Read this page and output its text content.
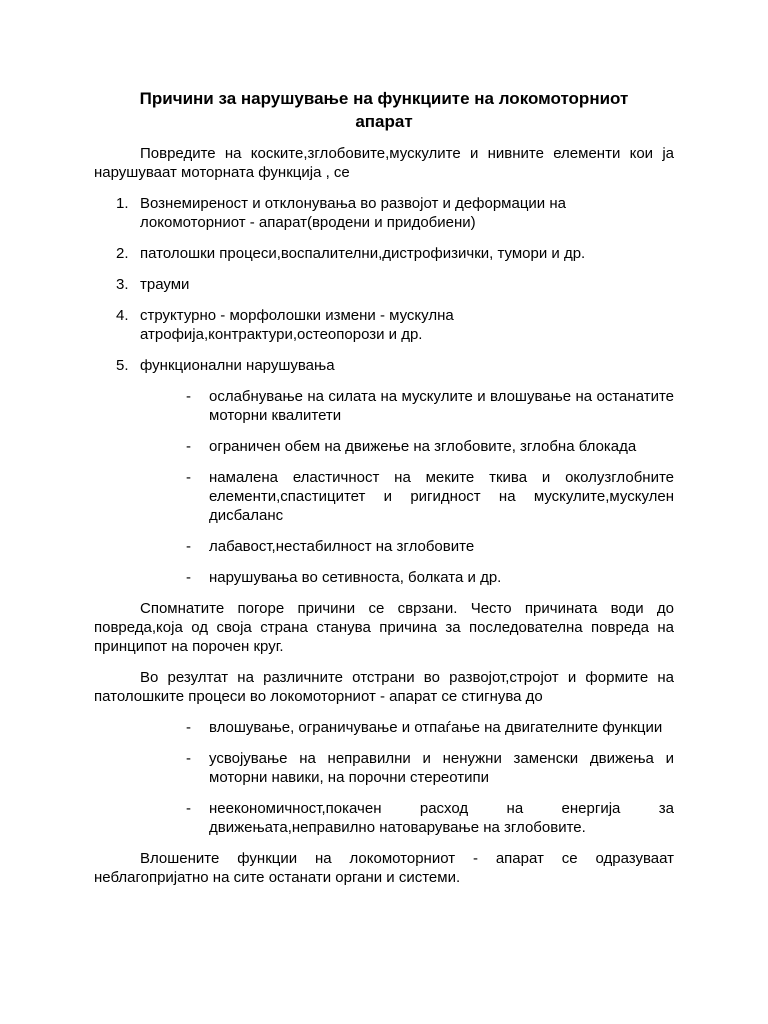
Причини за нарушување на функциите на локомоторниот апарат

Повредите на коските,зглобовите,мускулите и нивните елементи кои ја нарушуваат моторната функција , се

1. Вознемиреност и отклонувања во развојот и деформации на локомоторниот - апарат(вродени и придобиени)
2. патолошки процеси,воспалителни,дистрофизички, тумори и др.
3. трауми
4. структурно - морфолошки измени - мускулна атрофија,контрактури,остеопорози и др.
5. функционални нарушувања
- ослабнување на силата на мускулите и влошување на останатите моторни квалитети
- ограничен обем на движење на зглобовите, зглобна блокада
- намалена еластичност на меките ткива и околузглобните елементи,спастицитет и ригидност на мускулите,мускулен дисбаланс
- лабавост,нестабилност на зглобовите
- нарушувања во сетивноста, болката и др.

Спомнатите погоре причини се сврзани. Често причината води до повреда,која од своја страна станува причина за последователна повреда на принципот на порочен круг.

Во резултат на различните отстрани во развојот,стројот и формите на патолошките процеси во локомоторниот - апарат се стигнува до

- влошување, ограничување и отпаѓање на двигателните функции
- усвојување на неправилни и ненужни заменски движења и моторни навики, на порочни стереотипи
- неекономичност,покачен расход на енергија за движењата,неправилно натоварување на зглобовите.

Влошените функции на локомоторниот - апарат се одразуваат неблагопријатно на сите останати органи и системи.
